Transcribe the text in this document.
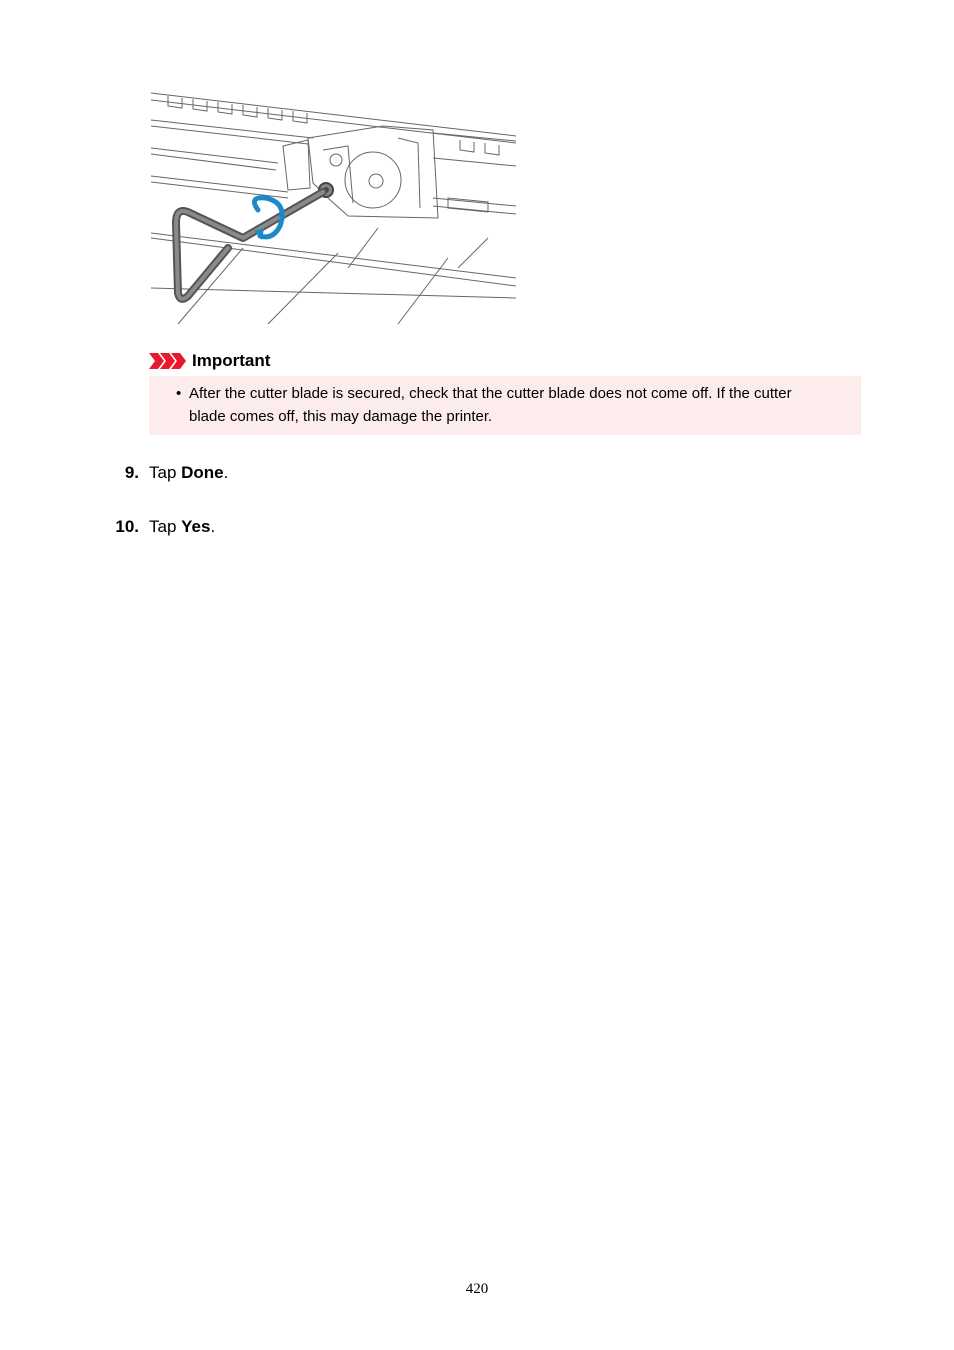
Important
• After the cutter blade is secured, check that the cutter blade does not come off. If the cutter blade comes off, this may damage the printer.
9. Tap Done.
10. Tap Yes.
420
